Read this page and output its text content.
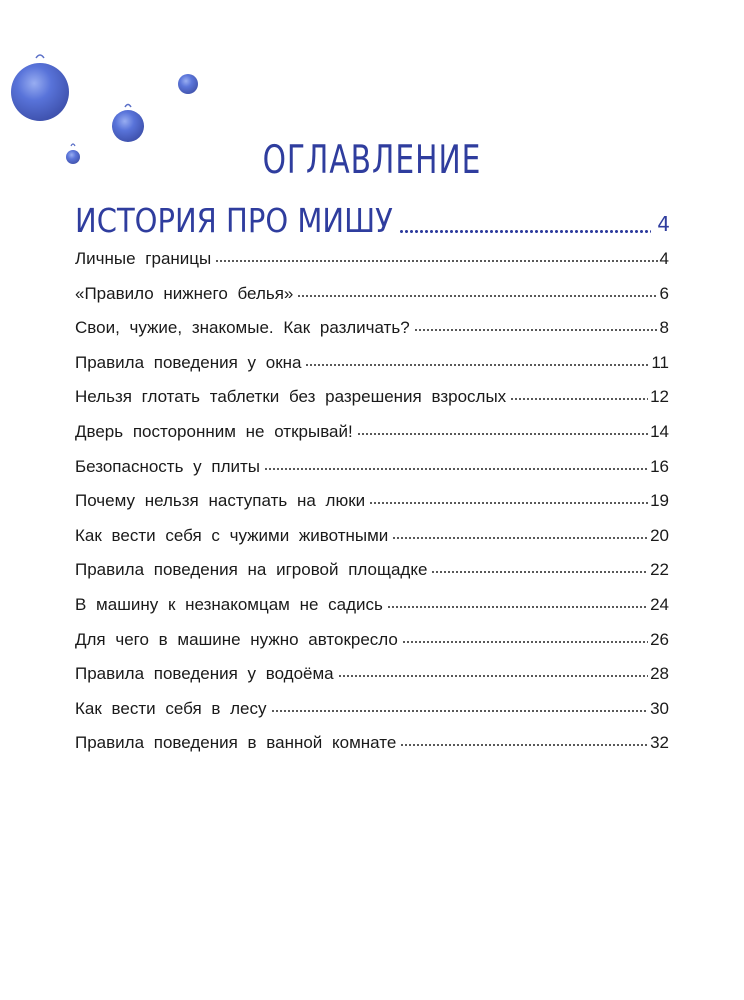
ОГЛАВЛЕНИЕ
ИСТОРИЯ ПРО МИШУ	4
Личные границы	4
«Правило нижнего белья»	6
Свои, чужие, знакомые. Как различать?	8
Правила поведения у окна	11
Нельзя глотать таблетки без разрешения взрослых	12
Дверь посторонним не открывай!	14
Безопасность у плиты	16
Почему нельзя наступать на люки	19
Как вести себя с чужими животными	20
Правила поведения на игровой площадке	22
В машину к незнакомцам не садись	24
Для чего в машине нужно автокресло	26
Правила поведения у водоёма	28
Как вести себя в лесу	30
Правила поведения в ванной комнате	32
